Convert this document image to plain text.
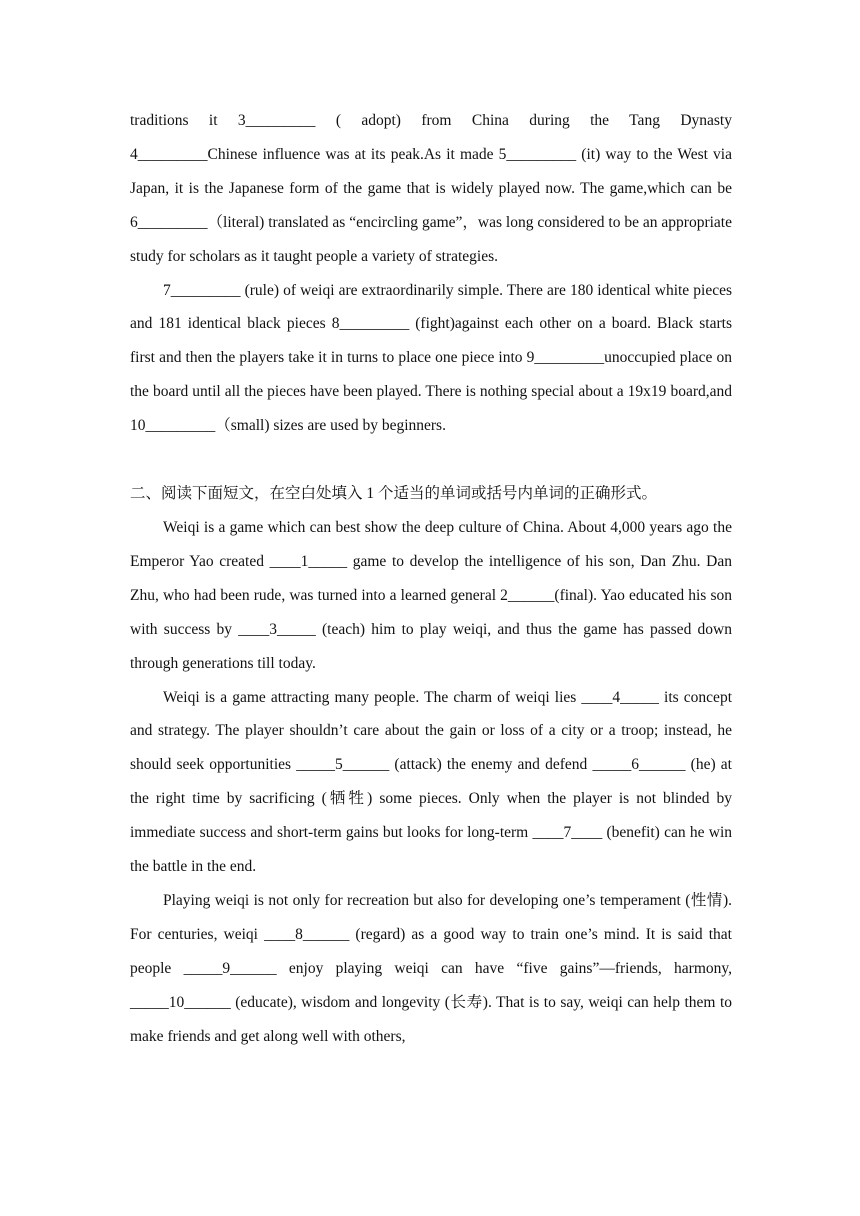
traditions it 3_________ ( adopt) from China during the Tang Dynasty

4_________Chinese influence was at its peak.As it made 5_________ (it) way to the West via Japan, it is the Japanese form of the game that is widely played now. The game,which can be 6_________（literal) translated as “encircling game”，was long considered to be an appropriate study for scholars as it taught people a variety of strategies.

7_________ (rule) of weiqi are extraordinarily simple. There are 180 identical white pieces and 181 identical black pieces 8_________ (fight)against each other on a board. Black starts first and then the players take it in turns to place one piece into 9_________unoccupied place on the board until all the pieces have been played. There is nothing special about a 19x19 board,and 10_________（small) sizes are used by beginners.

二、阅读下面短文，在空白处填入 1 个适当的单词或括号内单词的正确形式。

Weiqi is a game which can best show the deep culture of China. About 4,000 years ago the Emperor Yao created ____1_____ game to develop the intelligence of his son, Dan Zhu. Dan Zhu, who had been rude, was turned into a learned general 2______(final). Yao educated his son with success by ____3_____ (teach) him to play weiqi, and thus the game has passed down through generations till today.

Weiqi is a game attracting many people. The charm of weiqi lies ____4_____ its concept and strategy. The player shouldn’t care about the gain or loss of a city or a troop; instead, he should seek opportunities _____5______ (attack) the enemy and defend _____6______ (he) at the right time by sacrificing (牺牲) some pieces. Only when the player is not blinded by immediate success and short-term gains but looks for long-term ____7____ (benefit) can he win the battle in the end.

Playing weiqi is not only for recreation but also for developing one’s temperament (性情). For centuries, weiqi ____8______ (regard) as a good way to train one’s mind. It is said that people _____9______ enjoy playing weiqi can have “five gains”—friends, harmony, _____10______ (educate), wisdom and longevity (长寿). That is to say, weiqi can help them to make friends and get along well with others,
